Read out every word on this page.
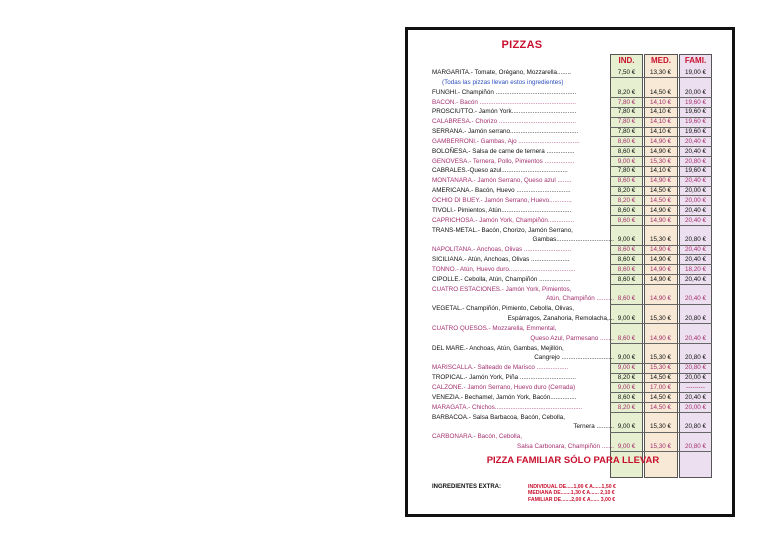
PIZZAS
IND.	MED.	FAMI.
MARGARITA.- Tomate, Orégano, Mozzarella........	7,50 €	13,30 €	19,00 €
(Todas las pizzas llevan estos ingredientes)
FUNGHI.- Champiñón ..............................................	8,20 €	14,50 €	20,00 €
BACON.- Bacón .......................................................	7,80 €	14,10 €	19,60 €
PROSCIUTTO.- Jamón York.....................................	7,80 €	14,10 €	19,60 €
CALABRESA.- Chorizo ............................................	7,80 €	14,10 €	19,60 €
SERRANA.- Jamón serrano.......................................	7,80 €	14,10 €	19,60 €
GAMBERRONI.- Gambas, Ajo ...................................	8,60 €	14,90 €	20,40 €
BOLOÑESA.- Salsa de carne de ternera ................	8,60 €	14,90 €	20,40 €
GENOVESA.- Ternera, Pollo, Pimientos .................	9,00 €	15,30 €	20,80 €
CABRALES.-Queso azul......................................	7,80 €	14,10 €	19,60 €
MONTANARA.- Jamón Serrano, Queso azul ........	8,60 €	14,90 €	20,40 €
AMERICANA.- Bacón, Huevo ...............................	8,20 €	14,50 €	20,00 €
OCHIO DI BUEY.- Jamón Serrano, Huevo.............	8,20 €	14,50 €	20,00 €
TIVOLI.- Pimientos, Atún........................................	8,60 €	14,90 €	20,40 €
CAPRICHOSA.- Jamón York, Champiñón...............	8,60 €	14,90 €	20,40 €
TRANS-METAL.- Bacón, Chorizo, Jamón Serrano,
Gambas................................. 9,00 €	15,30 €	20,80 €
NAPOLITANA.- Anchoas, Olivas ...........................	8,60 €	14,90 €	20,40 €
SICILIANA.- Atún, Anchoas, Olivas ......................	8,60 €	14,90 €	20,40 €
TONNO.- Atún, Huevo duro......................................	8,60 €	14,90 €	18,20 €
CIPOLLE.- Cebolla, Atún, Champiñón ..................	8,60 €	14,90 €	20,40 €
CUATRO ESTACIONES.- Jamón York, Pimientos,
Atún, Champiñón .......... 8,60 €	14,90 €	20,40 €
VEGETAL.- Champiñón, Pimiento, Cebolla, Olivas,
Espárragos, Zanahoria, Remolacha,... 9,00 €	15,30 €	20,80 €
CUATRO QUESOS.- Mozzarella, Emmental,
Queso Azul, Parmesano ........ 8,60 €	14,90 €	20,40 €
DEL MARE.- Anchoas, Atún, Gambas, Mejillón,
Cangrejo .............................. 9,00 €	15,30 €	20,80 €
MARISCALLA.- Salteado de Marisco ..................	9,00 €	15,30 €	20,80 €
TROPICAL.- Jamón York, Piña ................................	8,20 €	14,50 €	20,00 €
CALZONE.- Jamón Serrano, Huevo duro (Cerrada)	9,00 €	17,00 €	---------
VENEZIA.- Bechamel, Jamón York, Bacón...............	8,60 €	14,50 €	20,40 €
MARAGATA.- Chichos..................................................	8,20 €	14,50 €	20,00 €
BARBACOA.- Salsa Barbacoa, Bacón, Cebolla,
Ternera .......... 9,00 €	15,30 €	20,80 €
CARBONARA.- Bacón, Cebolla,
Salsa Carbonara, Champiñón ....... 9,00 €	15,30 €	20,80 €
PIZZA FAMILIAR SÓLO PARA LLEVAR
INGREDIENTES EXTRA:	INDIVIDUAL DE.....1,00 € A......1,50 €
MEDIANA DE.......1,30 € A...... 2,10 €
FAMILIAR DE.......2,00 € A...... 3,00 €
